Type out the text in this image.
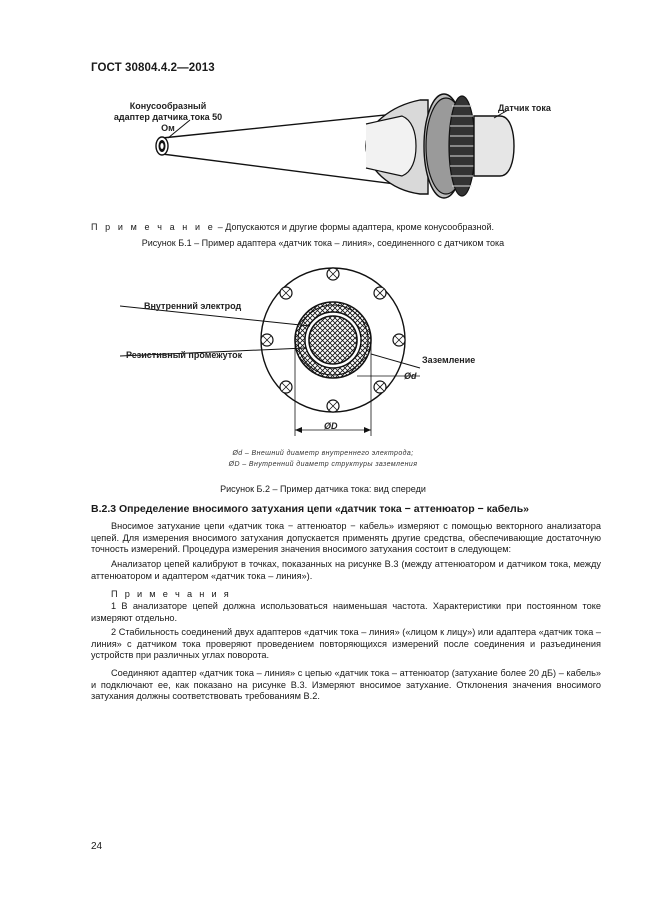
ГОСТ 30804.4.2—2013
Конусообразный адаптер датчика тока 50 Ом
Датчик тока
П р и м е ч а н и е – Допускаются и другие формы адаптера, кроме конусообразной.
Рисунок Б.1 – Пример адаптера «датчик тока – линия», соединенного с датчиком тока
Внутренний электрод
Резистивный промежуток	Заземление
Ød
ØD
Ød – Внешний диаметр внутреннего электрода;
ØD – Внутренний диаметр структуры заземления
Рисунок Б.2 – Пример датчика тока: вид спереди
В.2.3 Определение вносимого затухания цепи «датчик тока − аттенюатор − кабель»

Вносимое затухание цепи «датчик тока − аттенюатор − кабель» измеряют с помощью векторного анализатора цепей. Для измерения вносимого затухания допускается применять другие средства, обеспечивающие достаточную точность измерений. Процедура измерения значения вносимого затухания состоит в следующем:

Анализатор цепей калибруют в точках, показанных на рисунке В.3 (между аттенюатором и датчиком тока, между аттенюатором и адаптером «датчик тока – линия»).

П р и м е ч а н и я

1 В анализаторе цепей должна использоваться наименьшая частота. Характеристики при постоянном токе измеряют отдельно.

2 Стабильность соединений двух адаптеров «датчик тока – линия» («лицом к лицу») или адаптера «датчик тока – линия» с датчиком тока проверяют проведением повторяющихся измерений после соединения и разъединения устройств при различных углах поворота.

Соединяют адаптер «датчик тока – линия» с цепью «датчик тока – аттенюатор (затухание более 20 дБ) – кабель» и подключают ее, как показано на рисунке В.3. Измеряют вносимое затухание. Отклонения значения вносимого затухания должны соответствовать требованиям В.2.

24
